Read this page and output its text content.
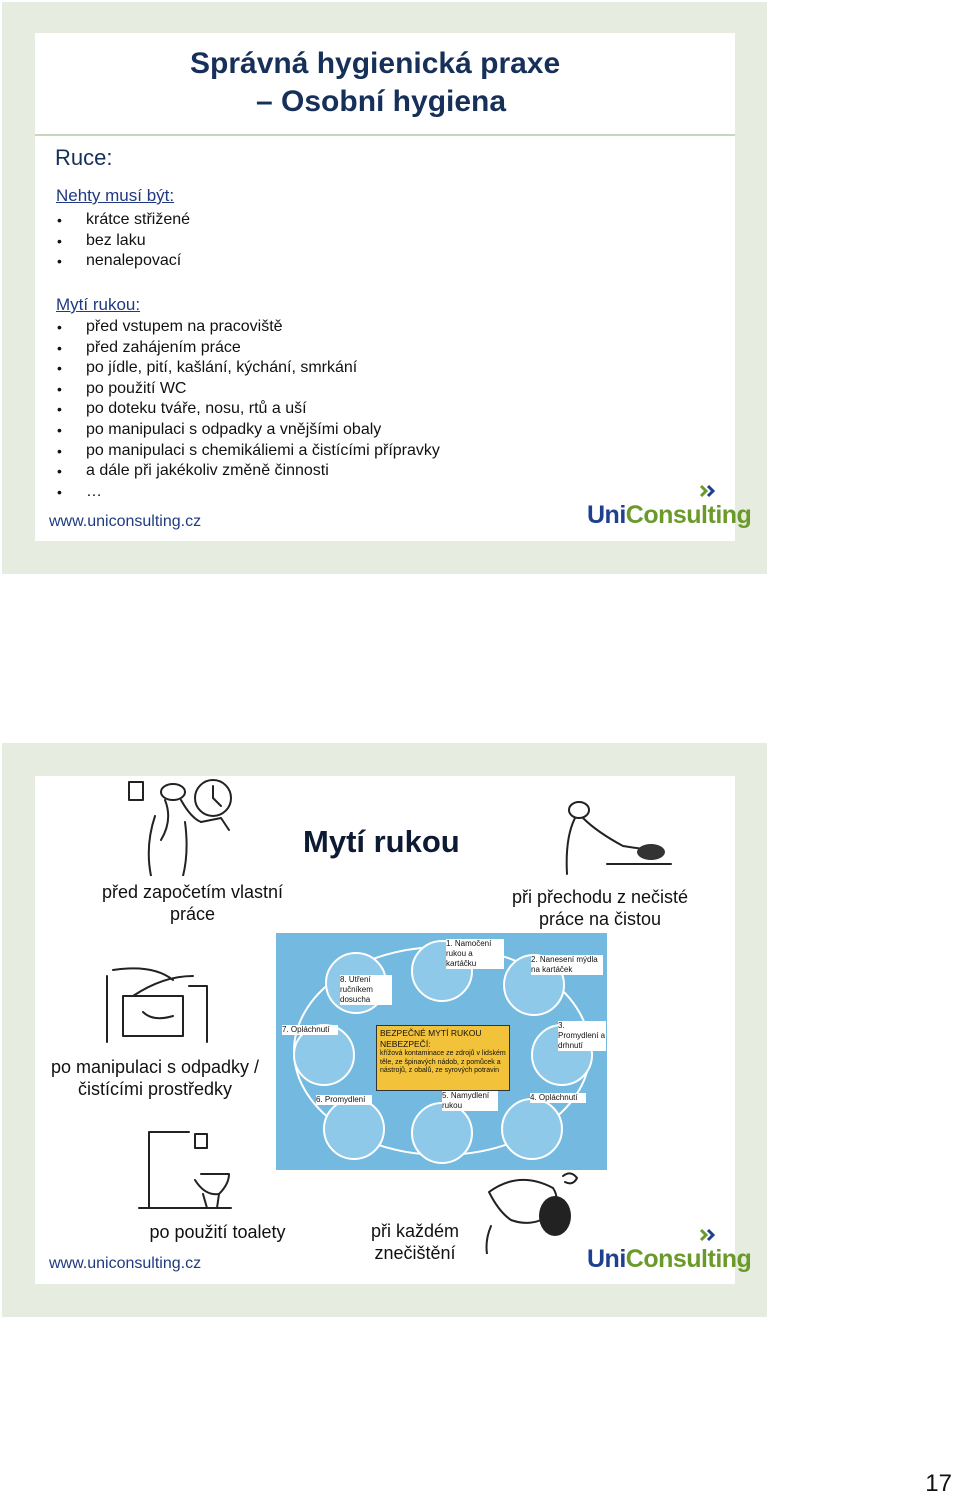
Správná hygienická praxe
– Osobní hygiena
Ruce:
Nehty musí být:
• krátce střižené
• bez laku
• nenalepovací
Mytí rukou:
• před vstupem na pracoviště
• před zahájením práce
• po jídle, pití, kašlání, kýchání, smrkání
• po použití WC
• po doteku tváře, nosu, rtů a uší
• po manipulaci s odpadky a vnějšími obaly
• po manipulaci s chemikáliemi a čistícími přípravky
• a dále při jakékoliv změně činnosti
• …
www.uniconsulting.cz	UniConsulting
Mytí rukou
před započetím vlastní práce
při přechodu z nečisté práce na čistou
1. Namočení rukou a kartáčku	2. Nanesení mýdla na kartáček
3. Promydlení a drhnutí
4. Opláchnutí
5. Namydlení rukou
6. Promydlení
7. Opláchnutí
8. Utření ručníkem dosucha
BEZPEČNÉ MYTÍ RUKOU
NEBEZPEČÍ:
křížová kontaminace ze zdrojů v lidském těle, ze špinavých nádob, z pomůcek a nástrojů, z obalů, ze syrových potravin
po manipulaci s odpadky / čistícími prostředky
po použití toalety	při každém znečištění
www.uniconsulting.cz	UniConsulting
17
